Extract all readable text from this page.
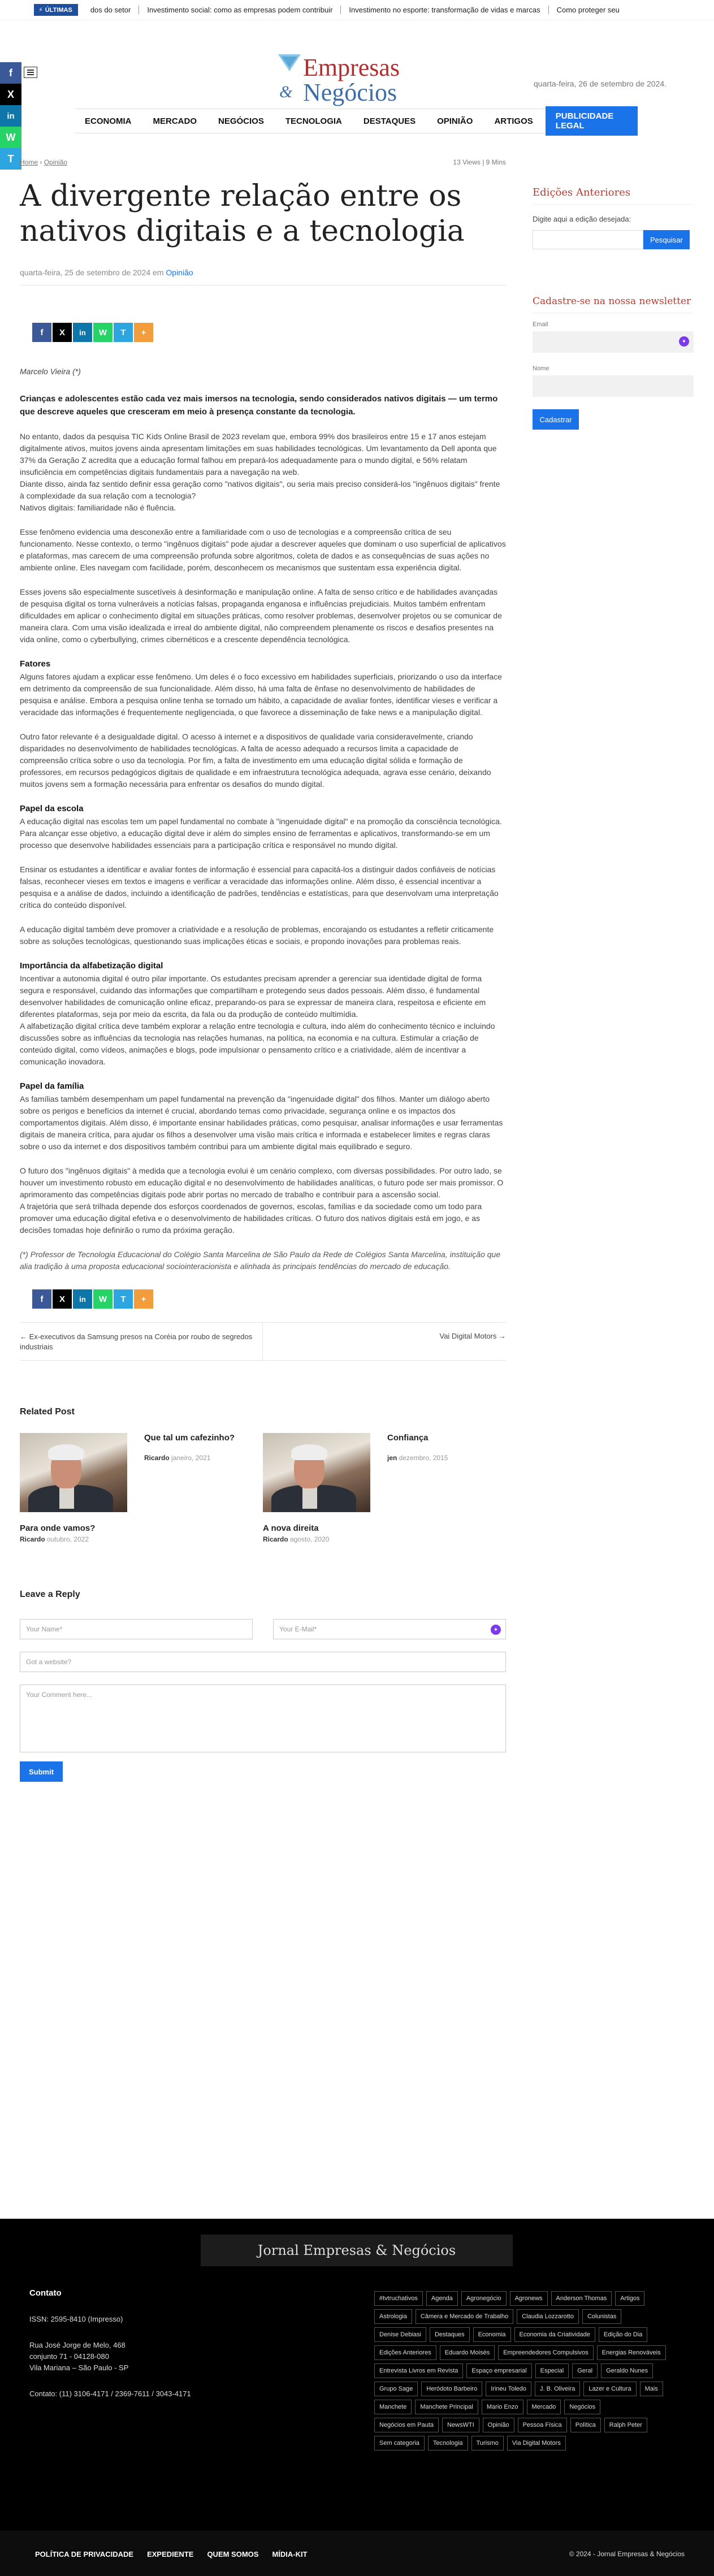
⚡ ÚLTIMAS	dos do setor	Investimento social: como as empresas podem contribuir	Investimento no esporte: transformação de vidas e marcas	Como proteger seu
f
X
in
W
T
Empresas
& Negócios	quarta-feira, 26 de setembro de 2024.
ECONOMIA	MERCADO	NEGÓCIOS	TECNOLOGIA	DESTAQUES	OPINIÃO	ARTIGOS	PUBLICIDADE LEGAL
Home › Opinião	13 Views | 9 Mins
A divergente relação entre os nativos digitais e a tecnologia
quarta-feira, 25 de setembro de 2024 em Opinião
f	X	in	W	T	+

Marcelo Vieira (*)

Crianças e adolescentes estão cada vez mais imersos na tecnologia, sendo considerados nativos digitais — um termo que descreve aqueles que cresceram em meio à presença constante da tecnologia.

No entanto, dados da pesquisa TIC Kids Online Brasil de 2023 revelam que, embora 99% dos brasileiros entre 15 e 17 anos estejam digitalmente ativos, muitos jovens ainda apresentam limitações em suas habilidades tecnológicas. Um levantamento da Dell aponta que 37% da Geração Z acredita que a educação formal falhou em prepará-los adequadamente para o mundo digital, e 56% relatam insuficiência em competências digitais fundamentais para a navegação na web.

Diante disso, ainda faz sentido definir essa geração como "nativos digitais", ou seria mais preciso considerá-los "ingênuos digitais" frente à complexidade da sua relação com a tecnologia?

Nativos digitais: familiaridade não é fluência.

Esse fenômeno evidencia uma desconexão entre a familiaridade com o uso de tecnologias e a compreensão crítica de seu funcionamento. Nesse contexto, o termo "ingênuos digitais" pode ajudar a descrever aqueles que dominam o uso superficial de aplicativos e plataformas, mas carecem de uma compreensão profunda sobre algoritmos, coleta de dados e as consequências de suas ações no ambiente online. Eles navegam com facilidade, porém, desconhecem os mecanismos que sustentam essa experiência digital.

Esses jovens são especialmente suscetíveis à desinformação e manipulação online. A falta de senso crítico e de habilidades avançadas de pesquisa digital os torna vulneráveis a notícias falsas, propaganda enganosa e influências prejudiciais. Muitos também enfrentam dificuldades em aplicar o conhecimento digital em situações práticas, como resolver problemas, desenvolver projetos ou se comunicar de maneira clara. Com uma visão idealizada e irreal do ambiente digital, não compreendem plenamente os riscos e desafios presentes na vida online, como o cyberbullying, crimes cibernéticos e a crescente dependência tecnológica.

Fatores

Alguns fatores ajudam a explicar esse fenômeno. Um deles é o foco excessivo em habilidades superficiais, priorizando o uso da interface em detrimento da compreensão de sua funcionalidade. Além disso, há uma falta de ênfase no desenvolvimento de habilidades de pesquisa e análise. Embora a pesquisa online tenha se tornado um hábito, a capacidade de avaliar fontes, identificar vieses e verificar a veracidade das informações é frequentemente negligenciada, o que favorece a disseminação de fake news e a manipulação digital.

Outro fator relevante é a desigualdade digital. O acesso à internet e a dispositivos de qualidade varia consideravelmente, criando disparidades no desenvolvimento de habilidades tecnológicas. A falta de acesso adequado a recursos limita a capacidade de compreensão crítica sobre o uso da tecnologia. Por fim, a falta de investimento em uma educação digital sólida e formação de professores, em recursos pedagógicos digitais de qualidade e em infraestrutura tecnológica adequada, agrava esse cenário, deixando muitos jovens sem a formação necessária para enfrentar os desafios do mundo digital.

Papel da escola

A educação digital nas escolas tem um papel fundamental no combate à "ingenuidade digital" e na promoção da consciência tecnológica. Para alcançar esse objetivo, a educação digital deve ir além do simples ensino de ferramentas e aplicativos, transformando-se em um processo que desenvolve habilidades essenciais para a participação crítica e responsável no mundo digital.

Ensinar os estudantes a identificar e avaliar fontes de informação é essencial para capacitá-los a distinguir dados confiáveis de notícias falsas, reconhecer vieses em textos e imagens e verificar a veracidade das informações online. Além disso, é essencial incentivar a pesquisa e a análise de dados, incluindo a identificação de padrões, tendências e estatísticas, para que desenvolvam uma interpretação crítica do conteúdo disponível.

A educação digital também deve promover a criatividade e a resolução de problemas, encorajando os estudantes a refletir criticamente sobre as soluções tecnológicas, questionando suas implicações éticas e sociais, e propondo inovações para problemas reais.

Importância da alfabetização digital

Incentivar a autonomia digital é outro pilar importante. Os estudantes precisam aprender a gerenciar sua identidade digital de forma segura e responsável, cuidando das informações que compartilham e protegendo seus dados pessoais. Além disso, é fundamental desenvolver habilidades de comunicação online eficaz, preparando-os para se expressar de maneira clara, respeitosa e eficiente em diferentes plataformas, seja por meio da escrita, da fala ou da produção de conteúdo multimídia.

A alfabetização digital crítica deve também explorar a relação entre tecnologia e cultura, indo além do conhecimento técnico e incluindo discussões sobre as influências da tecnologia nas relações humanas, na política, na economia e na cultura. Estimular a criação de conteúdo digital, como vídeos, animações e blogs, pode impulsionar o pensamento crítico e a criatividade, além de incentivar a comunicação inovadora.

Papel da família

As famílias também desempenham um papel fundamental na prevenção da "ingenuidade digital" dos filhos. Manter um diálogo aberto sobre os perigos e benefícios da internet é crucial, abordando temas como privacidade, segurança online e os impactos dos comportamentos digitais. Além disso, é importante ensinar habilidades práticas, como pesquisar, analisar informações e usar ferramentas digitais de maneira crítica, para ajudar os filhos a desenvolver uma visão mais crítica e informada e estabelecer limites e regras claras sobre o uso da internet e dos dispositivos também contribui para um ambiente digital mais equilibrado e seguro.

O futuro dos "ingênuos digitais" à medida que a tecnologia evolui é um cenário complexo, com diversas possibilidades. Por outro lado, se houver um investimento robusto em educação digital e no desenvolvimento de habilidades analíticas, o futuro pode ser mais promissor. O aprimoramento das competências digitais pode abrir portas no mercado de trabalho e contribuir para a ascensão social.

A trajetória que será trilhada depende dos esforços coordenados de governos, escolas, famílias e da sociedade como um todo para promover uma educação digital efetiva e o desenvolvimento de habilidades críticas. O futuro dos nativos digitais está em jogo, e as decisões tomadas hoje definirão o rumo da próxima geração.

(*) Professor de Tecnologia Educacional do Colégio Santa Marcelina de São Paulo da Rede de Colégios Santa Marcelina, instituição que alia tradição à uma proposta educacional sociointeracionista e alinhada às principais tendências do mercado de educação.

f	X	in	W	T	+
← Ex-executivos da Samsung presos na Coréia por roubo de segredos industriais
Vai Digital Motors →
Related Post
Para onde vamos?
Ricardo outubro, 2022
Que tal um cafezinho?
Ricardo janeiro, 2021
A nova direita
Ricardo agosto, 2020
Confiança
jen dezembro, 2015
Leave a Reply
Your Name*	Your E-Mail*	✦
Got a website?
Your Comment here...
Submit
Edições Anteriores
Digite aqui a edição desejada:
Pesquisar
Cadastre-se na nossa newsletter
Email
✦
Nome
Cadastrar
Jornal Empresas & Negócios
Contato
ISSN: 2595-8410 (Impresso)
Rua José Jorge de Melo, 468
conjunto 71 - 04128-080
Vila Mariana – São Paulo - SP
Contato: (11) 3106-4171 / 2369-7611 / 3043-4171
#tvtruchativos	Agenda	Agronegócio	Agronews	Anderson Thomas	Artigos
Astrologia	Câmera e Mercado de Trabalho	Claudia Lozzarotto	Colunistas
Denise Debiasi	Destaques	Economia	Economia da Criatividade	Edição do Dia
Edições Anteriores	Eduardo Moisés	Empreendedores Compulsivos	Energias Renováveis
Entrevista Livros em Revista	Espaço empresarial	Especial	Geral	Geraldo Nunes
Grupo Sage	Heródoto Barbeiro	Irineu Toledo	J. B. Oliveira	Lazer e Cultura	Mais
Manchete	Manchete Principal	Mario Enzo	Mercado	Negócios
Negócios em Pauta	NewsWTI	Opinião	Pessoa Física	Política	Ralph Peter
Sem categoria	Tecnologia	Turismo	Via Digital Motors
POLÍTICA DE PRIVACIDADE EXPEDIENTE QUEM SOMOS MÍDIA-KIT	© 2024 - Jornal Empresas & Negócios
